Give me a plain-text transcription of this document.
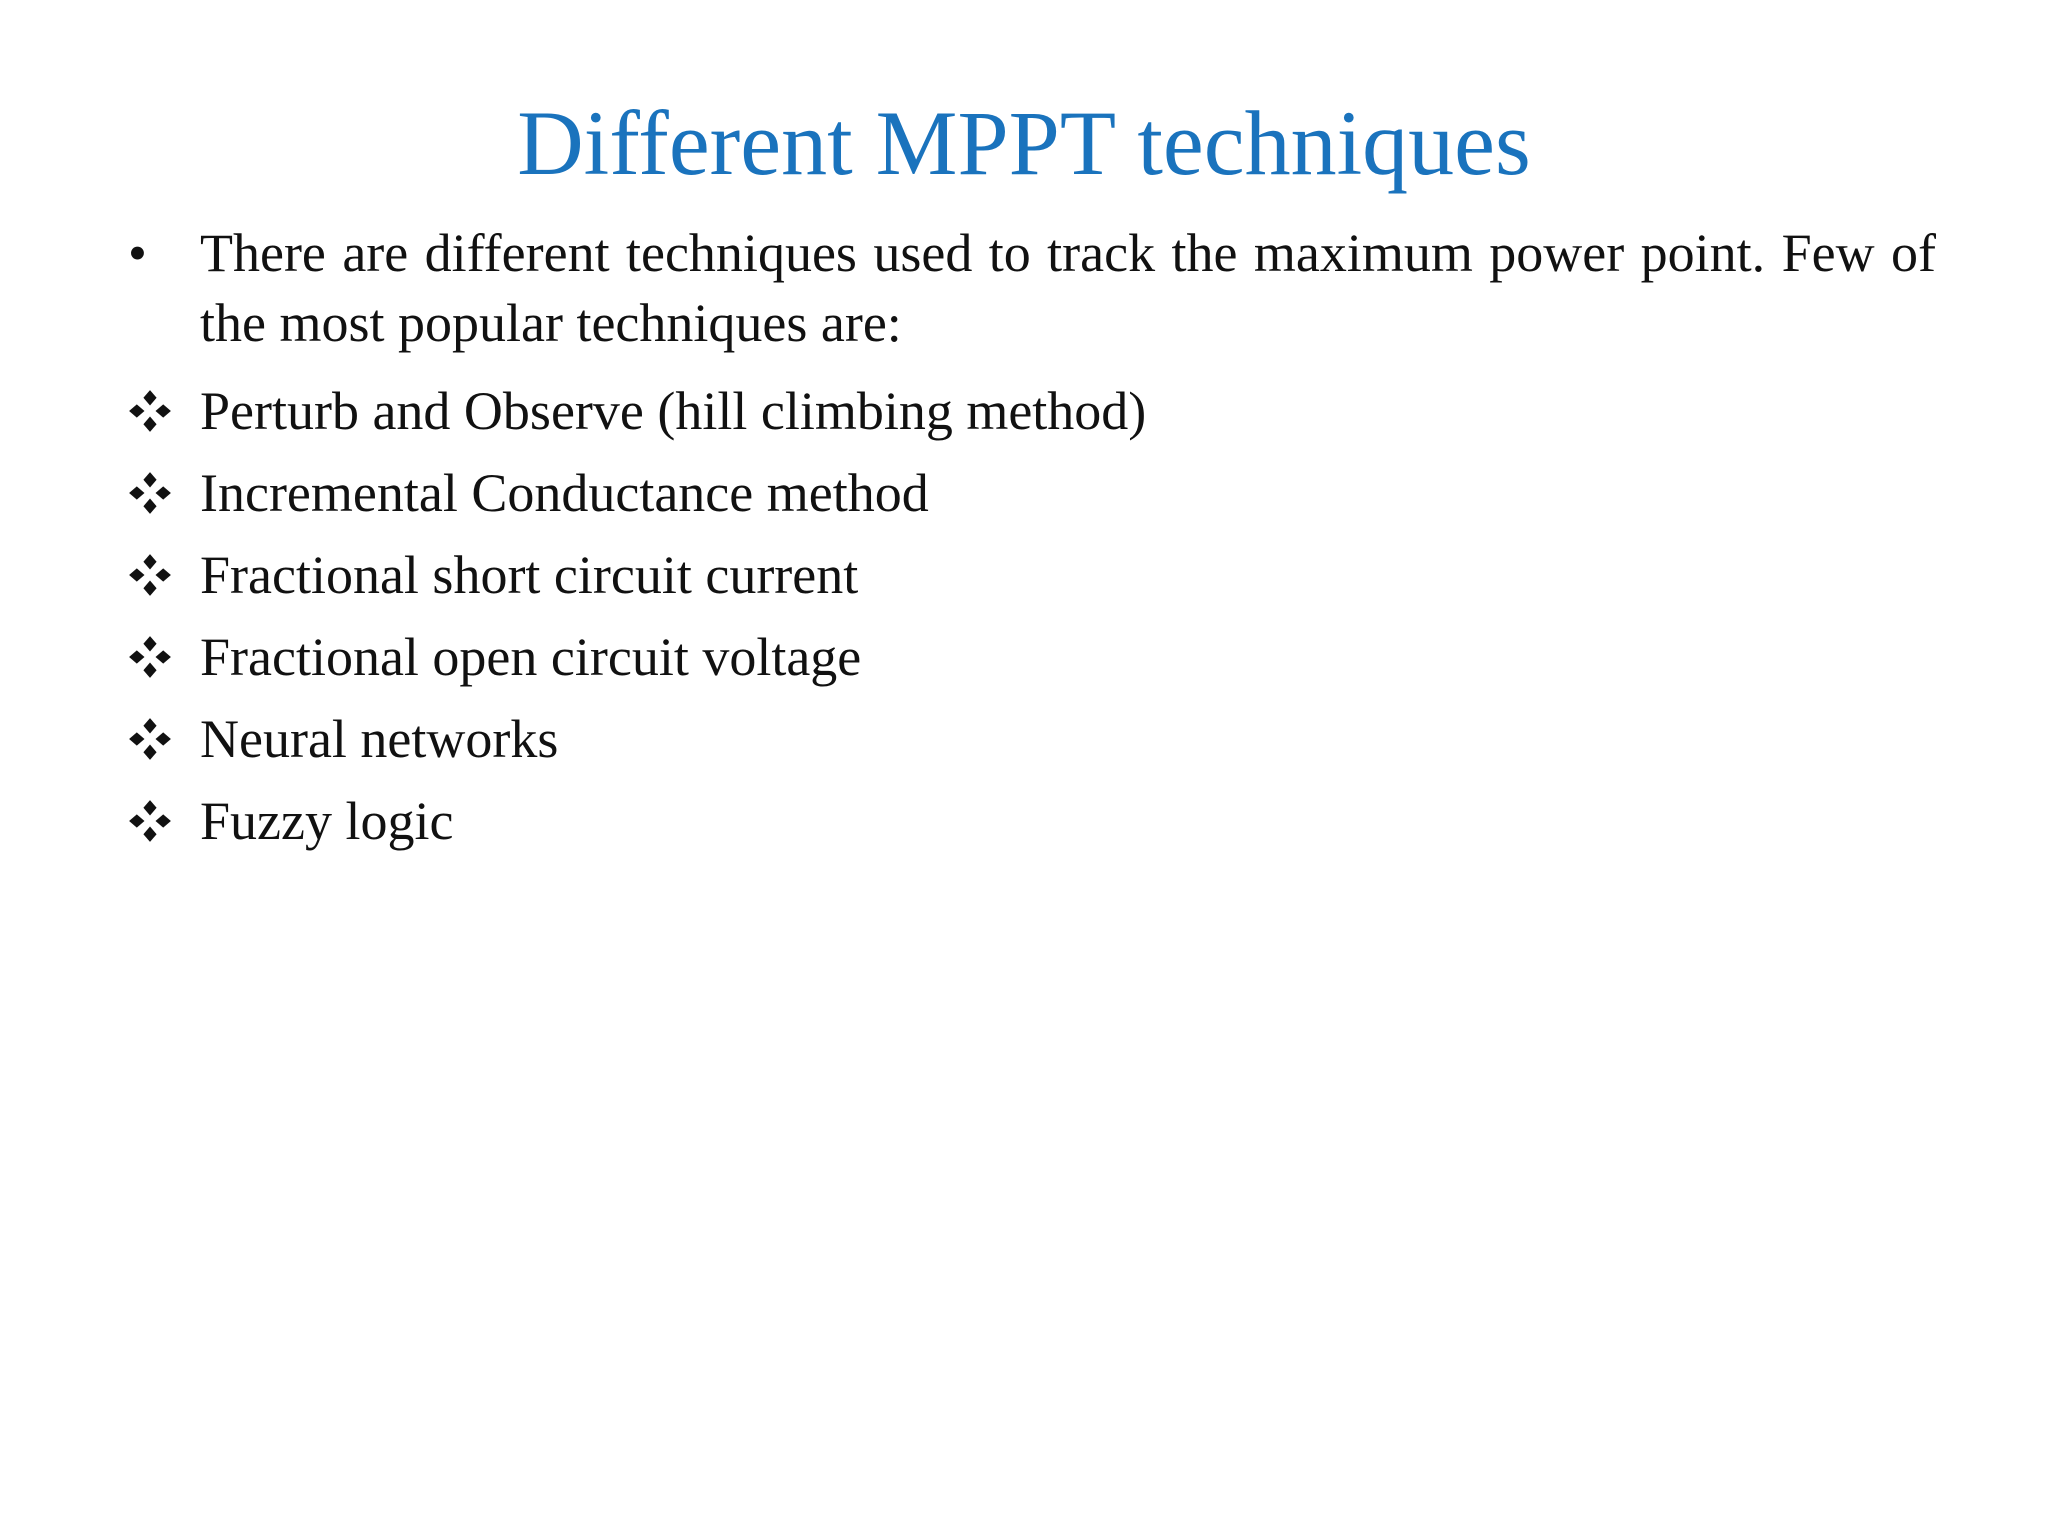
Different MPPT techniques
• There are different techniques used to track the maximum power point. Few of the most popular techniques are:
Perturb and Observe (hill climbing method)
Incremental Conductance method
Fractional short circuit current
Fractional open circuit voltage
Neural networks
Fuzzy logic
